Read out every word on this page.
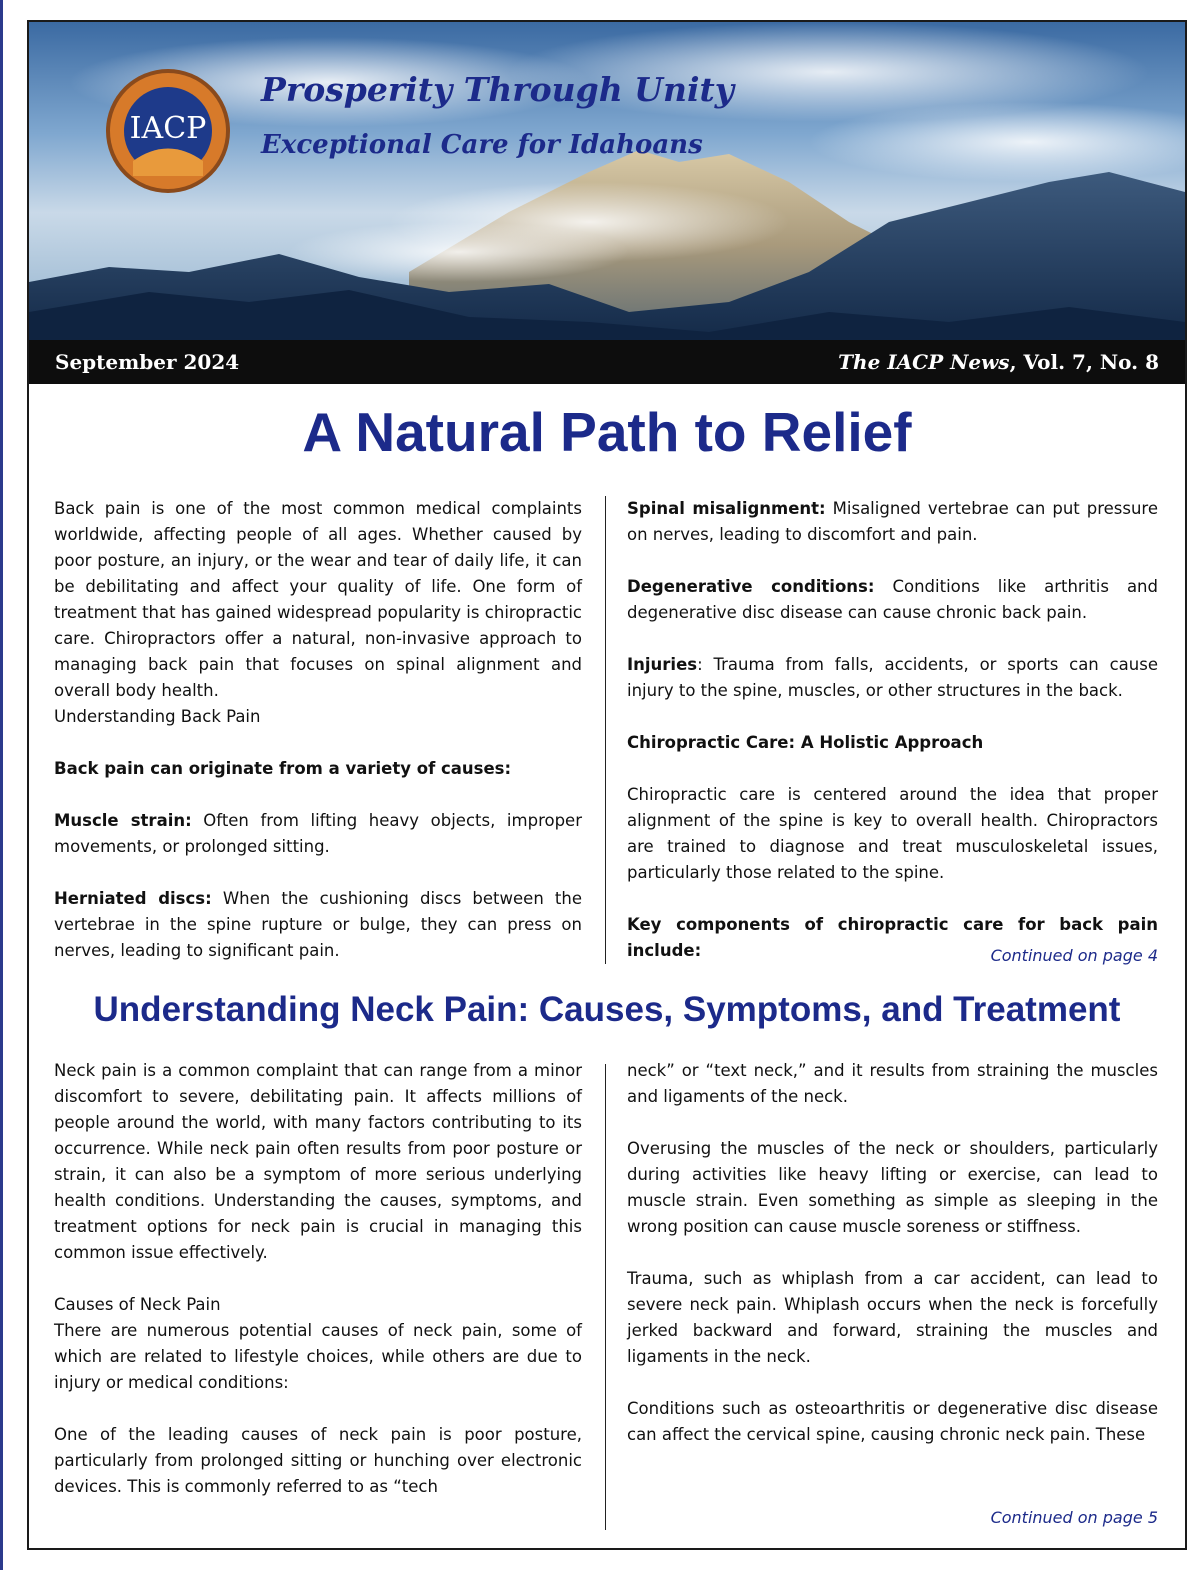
IACP
Prosperity Through Unity
Exceptional Care for Idahoans
September 2024	The IACP News, Vol. 7, No. 8
A Natural Path to Relief

Back pain is one of the most common medical complaints worldwide, affecting people of all ages. Whether caused by poor posture, an injury, or the wear and tear of daily life, it can be debilitating and affect your quality of life. One form of treatment that has gained widespread popularity is chiropractic care. Chiropractors offer a natural, non-invasive approach to managing back pain that focuses on spinal alignment and overall body health.

Understanding Back Pain

Back pain can originate from a variety of causes:

Muscle strain: Often from lifting heavy objects, improper movements, or prolonged sitting.

Herniated discs: When the cushioning discs between the vertebrae in the spine rupture or bulge, they can press on nerves, leading to significant pain.

Spinal misalignment: Misaligned vertebrae can put pressure on nerves, leading to discomfort and pain.

Degenerative conditions: Conditions like arthritis and degenerative disc disease can cause chronic back pain.

Injuries: Trauma from falls, accidents, or sports can cause injury to the spine, muscles, or other structures in the back.

Chiropractic Care: A Holistic Approach

Chiropractic care is centered around the idea that proper alignment of the spine is key to overall health. Chiropractors are trained to diagnose and treat musculoskeletal issues, particularly those related to the spine.

Key components of chiropractic care for back pain include:	Continued on page 4
Understanding Neck Pain: Causes, Symptoms, and Treatment

Neck pain is a common complaint that can range from a minor discomfort to severe, debilitating pain. It affects millions of people around the world, with many factors contributing to its occurrence. While neck pain often results from poor posture or strain, it can also be a symptom of more serious underlying health conditions. Understanding the causes, symptoms, and treatment options for neck pain is crucial in managing this common issue effectively.

Causes of Neck Pain

There are numerous potential causes of neck pain, some of which are related to lifestyle choices, while others are due to injury or medical conditions:

One of the leading causes of neck pain is poor posture, particularly from prolonged sitting or hunching over electronic devices. This is commonly referred to as “tech

neck” or “text neck,” and it results from straining the muscles and ligaments of the neck.

Overusing the muscles of the neck or shoulders, particularly during activities like heavy lifting or exercise, can lead to muscle strain. Even something as simple as sleeping in the wrong position can cause muscle soreness or stiffness.

Trauma, such as whiplash from a car accident, can lead to severe neck pain. Whiplash occurs when the neck is forcefully jerked backward and forward, straining the muscles and ligaments in the neck.

Conditions such as osteoarthritis or degenerative disc disease can affect the cervical spine, causing chronic neck pain. These

Continued on page 5
